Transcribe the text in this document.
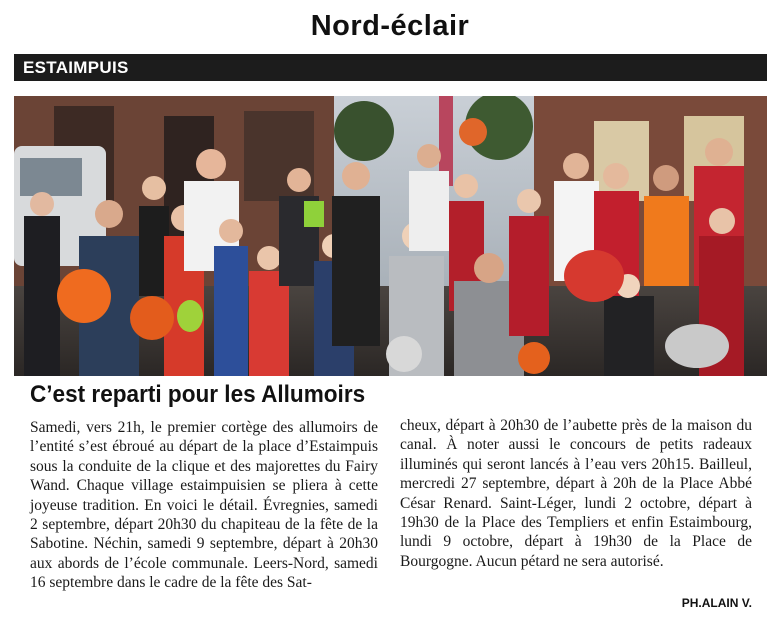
Nord-éclair
ESTAIMPUIS
C’est reparti pour les Allumoirs
Samedi, vers 21h, le premier cortège des allumoirs de l’entité s’est ébroué au départ de la place d’Estaimpuis sous la conduite de la clique et des majorettes du Fairy Wand. Chaque village estaimpuisien se pliera à cette joyeuse tradition. En voici le détail. Évregnies, samedi 2 septembre, départ 20h30 du chapiteau de la fête de la Sabotine. Néchin, samedi 9 septembre, départ à 20h30 aux abords de l’école communale. Leers-Nord, samedi 16 septembre dans le cadre de la fête des Sat-
cheux, départ à 20h30 de l’aubette près de la maison du canal. À noter aussi le concours de petits radeaux illuminés qui seront lancés à l’eau vers 20h15. Bailleul, mercredi 27 septembre, départ à 20h de la Place Abbé César Renard. Saint-Léger, lundi 2 octobre, départ à 19h30 de la Place des Templiers et enfin Estaimbourg, lundi 9 octobre, départ à 19h30 de la Place de Bourgogne. Aucun pétard ne sera autorisé.
PH.ALAIN V.
